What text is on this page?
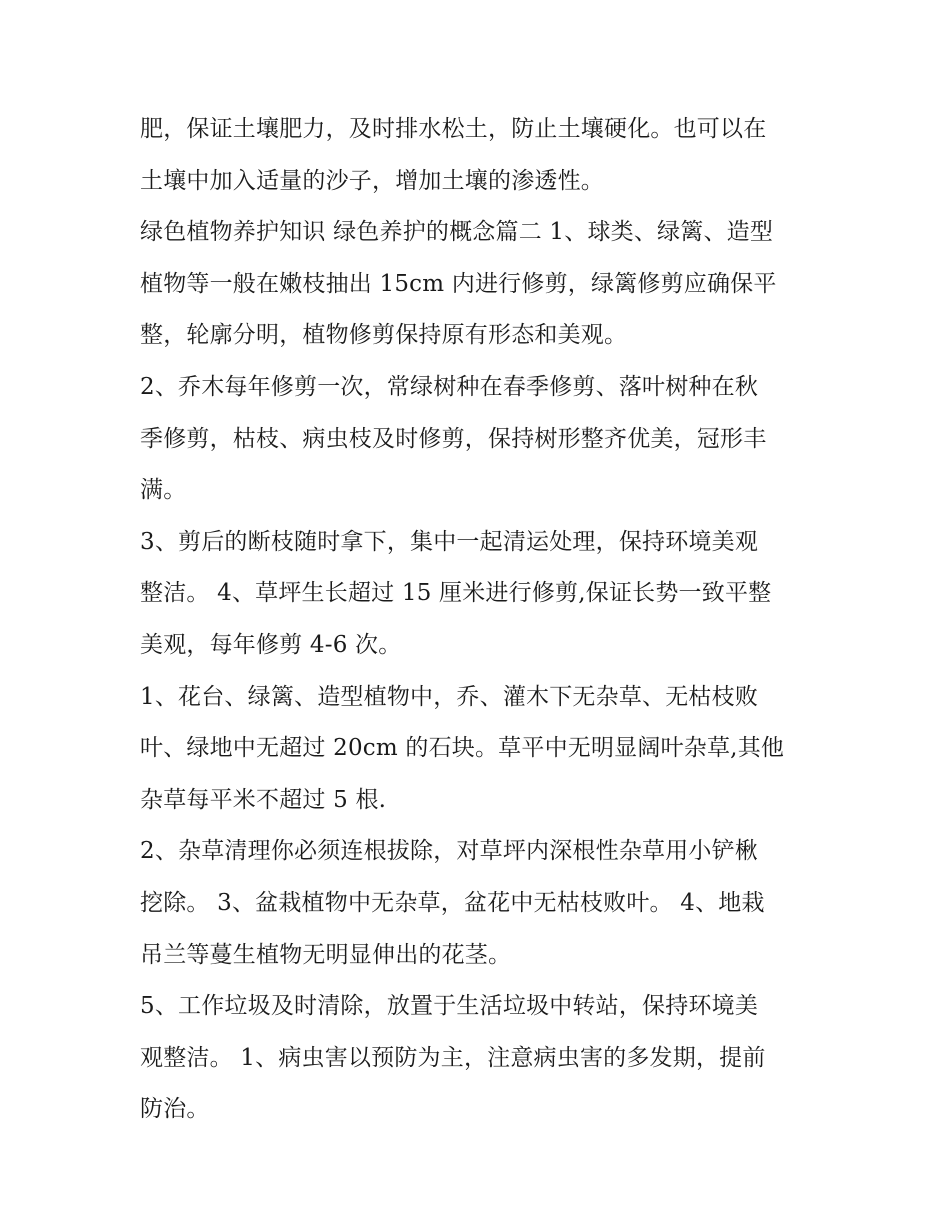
肥，保证土壤肥力，及时排水松土，防止土壤硬化。也可以在
土壤中加入适量的沙子，增加土壤的渗透性。

绿色植物养护知识 绿色养护的概念篇二 1、球类、绿篱、造型
植物等一般在嫩枝抽出 15cm 内进行修剪，绿篱修剪应确保平
整，轮廓分明，植物修剪保持原有形态和美观。

2、乔木每年修剪一次，常绿树种在春季修剪、落叶树种在秋
季修剪，枯枝、病虫枝及时修剪，保持树形整齐优美，冠形丰
满。

3、剪后的断枝随时拿下，集中一起清运处理，保持环境美观
整洁。 4、草坪生长超过 15 厘米进行修剪,保证长势一致平整
美观，每年修剪 4-6 次。

1、花台、绿篱、造型植物中，乔、灌木下无杂草、无枯枝败
叶、绿地中无超过 20cm 的石块。草平中无明显阔叶杂草,其他
杂草每平米不超过 5 根.

2、杂草清理你必须连根拔除，对草坪内深根性杂草用小铲楸
挖除。 3、盆栽植物中无杂草，盆花中无枯枝败叶。 4、地栽
吊兰等蔓生植物无明显伸出的花茎。

5、工作垃圾及时清除，放置于生活垃圾中转站，保持环境美
观整洁。 1、病虫害以预防为主，注意病虫害的多发期，提前
防治。
